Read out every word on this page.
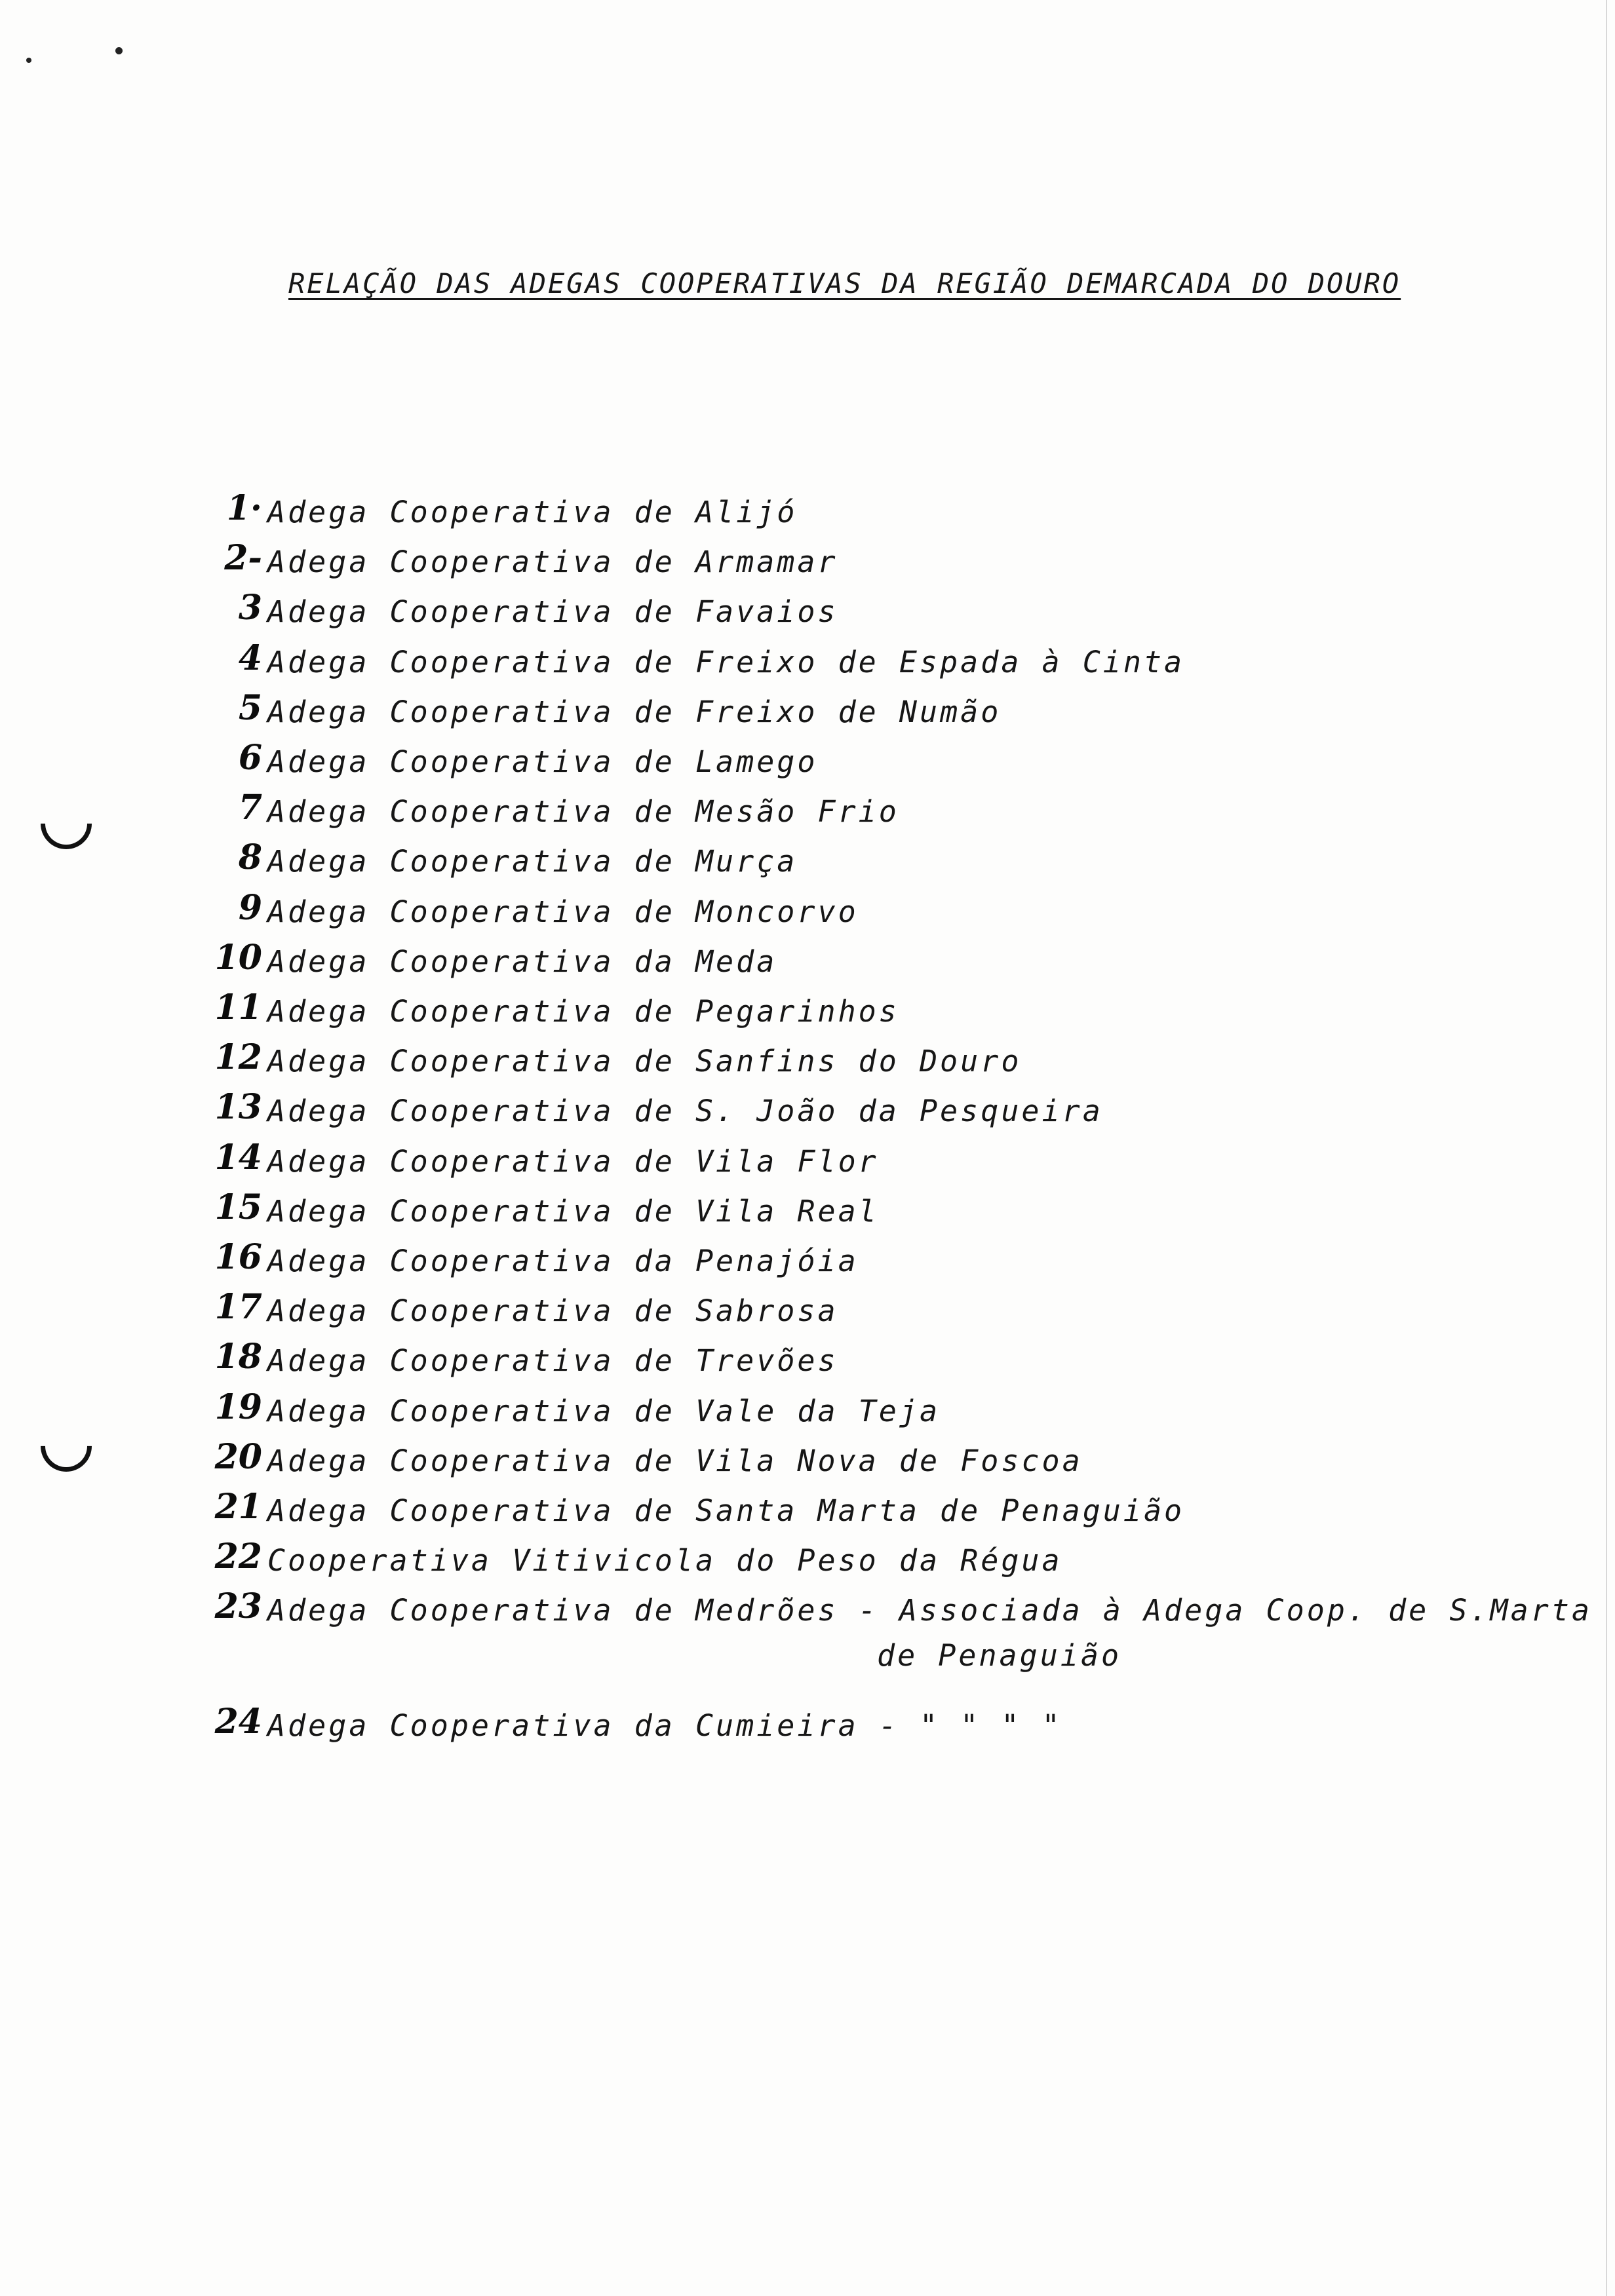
RELAÇÃO DAS ADEGAS COOPERATIVAS DA REGIÃO DEMARCADA DO DOURO
1· Adega Cooperativa de Alijó
2- Adega Cooperativa de Armamar
3 Adega Cooperativa de Favaios
4 Adega Cooperativa de Freixo de Espada à Cinta
5 Adega Cooperativa de Freixo de Numão
6 Adega Cooperativa de Lamego
7 Adega Cooperativa de Mesão Frio
8 Adega Cooperativa de Murça
9 Adega Cooperativa de Moncorvo
10 Adega Cooperativa da Meda
11 Adega Cooperativa de Pegarinhos
12 Adega Cooperativa de Sanfins do Douro
13 Adega Cooperativa de S. João da Pesqueira
14 Adega Cooperativa de Vila Flor
15 Adega Cooperativa de Vila Real
16 Adega Cooperativa da Penajóia
17 Adega Cooperativa de Sabrosa
18 Adega Cooperativa de Trevões
19 Adega Cooperativa de Vale da Teja
20 Adega Cooperativa de Vila Nova de Foscoa
21 Adega Cooperativa de Santa Marta de Penaguião
22 Cooperativa Vitivicola do Peso da Régua
23 Adega Cooperativa de Medrões - Associada à Adega Coop. de S.Marta
24 Adega Cooperativa da Cumieira - " " " "
de Penaguião
